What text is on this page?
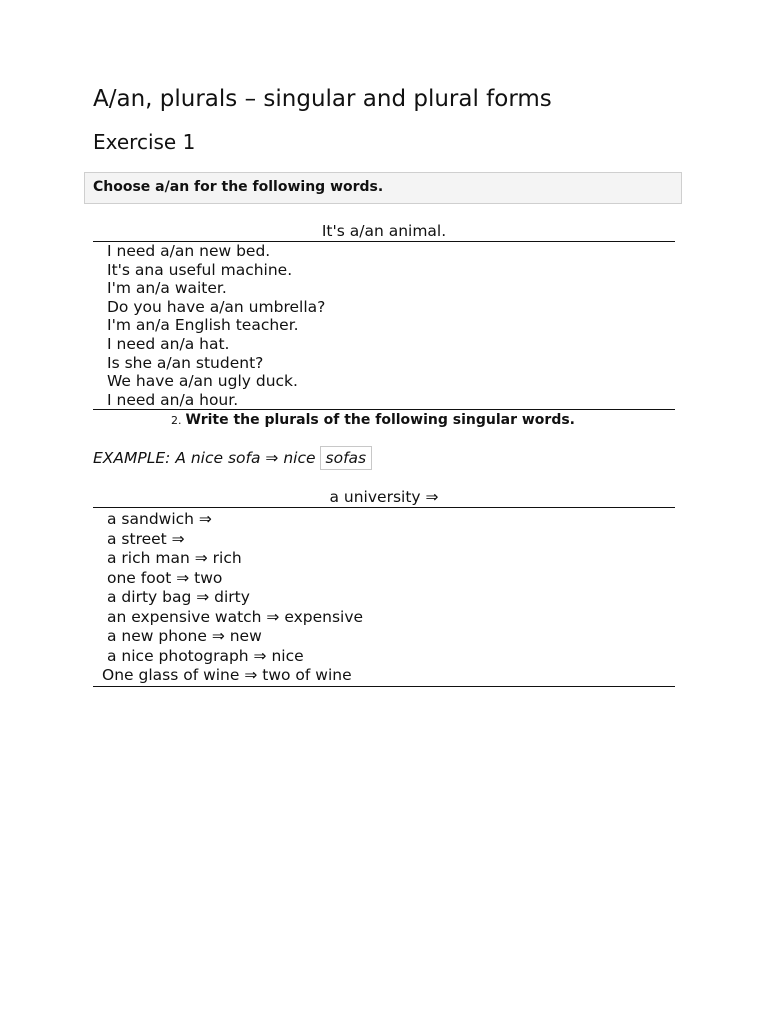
A/an, plurals – singular and plural forms
Exercise 1
Choose a/an for the following words.
It's a/an animal.
I need a/an new bed.
It's ana useful machine.
I'm an/a waiter.
Do you have a/an umbrella?
I'm an/a English teacher.
I need an/a hat.
Is she a/an student?
We have a/an ugly duck.
I need an/a hour.
2. Write the plurals of the following singular words.
EXAMPLE: A nice sofa ⇒ nice sofas
a university ⇒
a sandwich ⇒
a street ⇒
a rich man ⇒ rich
one foot ⇒ two
a dirty bag ⇒ dirty
an expensive watch ⇒ expensive
a new phone ⇒ new
a nice photograph ⇒ nice
One glass of wine ⇒ two of wine
